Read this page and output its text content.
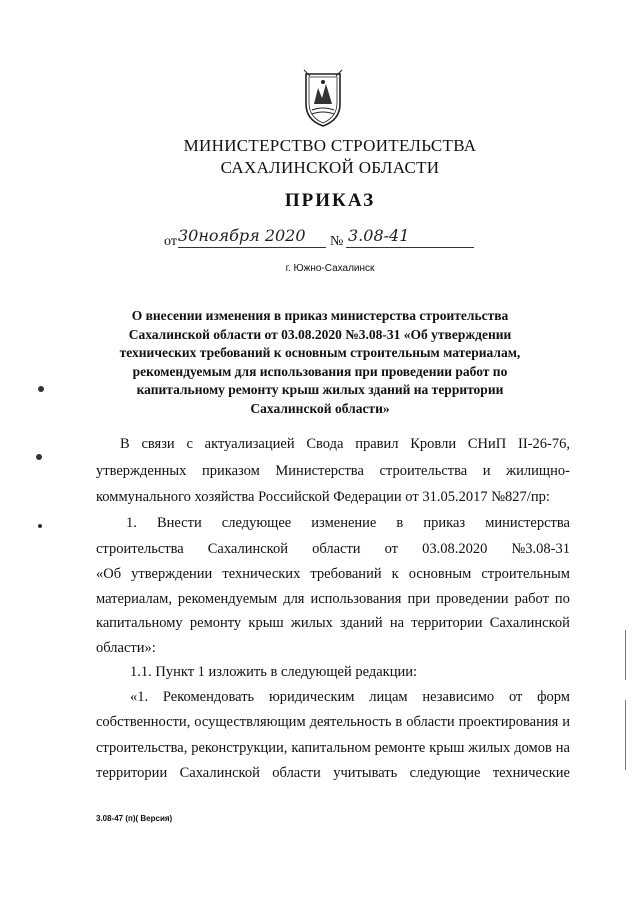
МИНИСТЕРСТВО СТРОИТЕЛЬСТВА
САХАЛИНСКОЙ ОБЛАСТИ
ПРИКАЗ
от 30ноября 2020 № 3.08-41
г. Южно-Сахалинск
О внесении изменения в приказ министерства строительства
Сахалинской области от 03.08.2020 №3.08-31 «Об утверждении
технических требований к основным строительным материалам,
рекомендуемым для использования при проведении работ по
капитальному ремонту крыш жилых зданий на территории
Сахалинской области»
В связи с актуализацией Свода правил Кровли СНиП II-26-76,
утвержденных приказом Министерства строительства и жилищно-
коммунального хозяйства Российской Федерации от 31.05.2017 №827/пр:
1. Внести следующее изменение в приказ министерства
строительства Сахалинской области от 03.08.2020 №3.08-31
«Об утверждении технических требований к основным строительным
материалам, рекомендуемым для использования при проведении работ по
капитальному ремонту крыш жилых зданий на территории Сахалинской
области»:
1.1. Пункт 1 изложить в следующей редакции:
«1. Рекомендовать юридическим лицам независимо от форм
собственности, осуществляющим деятельность в области проектирования и
строительства, реконструкции, капитальном ремонте крыш жилых домов на
территории Сахалинской области учитывать следующие технические
3.08-47 (п)( Версия)
